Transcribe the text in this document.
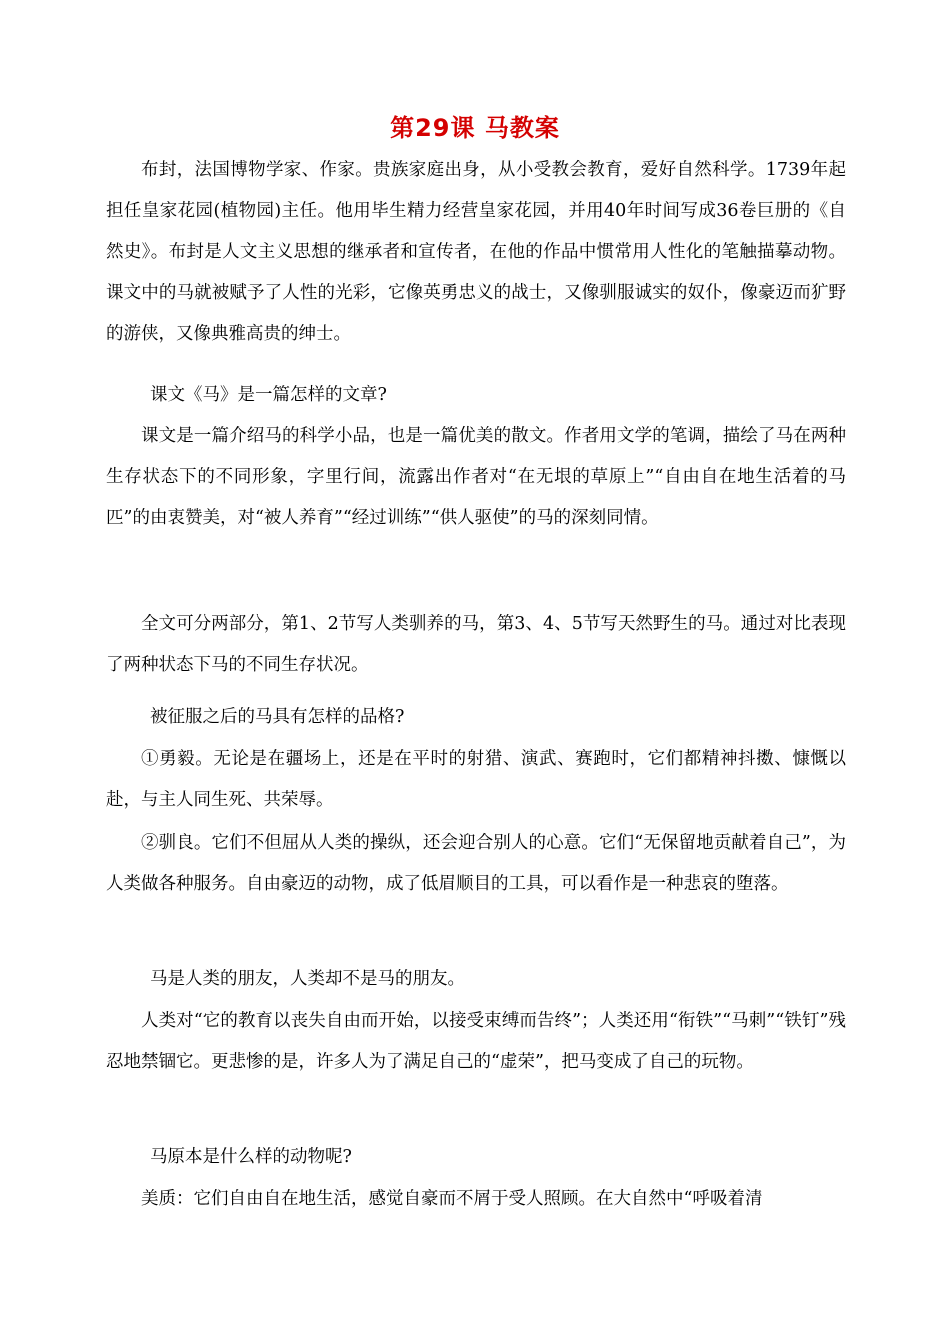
第29课 马教案

布封，法国博物学家、作家。贵族家庭出身，从小受教会教育，爱好自然科学。1739年起担任皇家花园(植物园)主任。他用毕生精力经营皇家花园，并用40年时间写成36卷巨册的《自然史》。布封是人文主义思想的继承者和宣传者，在他的作品中惯常用人性化的笔触描摹动物。课文中的马就被赋予了人性的光彩，它像英勇忠义的战士，又像驯服诚实的奴仆，像豪迈而犷野的游侠，又像典雅高贵的绅士。

课文《马》是一篇怎样的文章?

课文是一篇介绍马的科学小品，也是一篇优美的散文。作者用文学的笔调，描绘了马在两种生存状态下的不同形象，字里行间，流露出作者对“在无垠的草原上”“自由自在地生活着的马匹”的由衷赞美，对“被人养育”“经过训练”“供人驱使”的马的深刻同情。

全文可分两部分，第1、2节写人类驯养的马，第3、4、5节写天然野生的马。通过对比表现了两种状态下马的不同生存状况。

被征服之后的马具有怎样的品格?

①勇毅。无论是在疆场上，还是在平时的射猎、演武、赛跑时，它们都精神抖擞、慷慨以赴，与主人同生死、共荣辱。

②驯良。它们不但屈从人类的操纵，还会迎合别人的心意。它们“无保留地贡献着自己”，为人类做各种服务。自由豪迈的动物，成了低眉顺目的工具，可以看作是一种悲哀的堕落。

马是人类的朋友，人类却不是马的朋友。

人类对“它的教育以丧失自由而开始，以接受束缚而告终”；人类还用“衔铁”“马刺”“铁钉”残忍地禁锢它。更悲惨的是，许多人为了满足自己的“虚荣”，把马变成了自己的玩物。

马原本是什么样的动物呢?

美质：它们自由自在地生活，感觉自豪而不屑于受人照顾。在大自然中“呼吸着清
